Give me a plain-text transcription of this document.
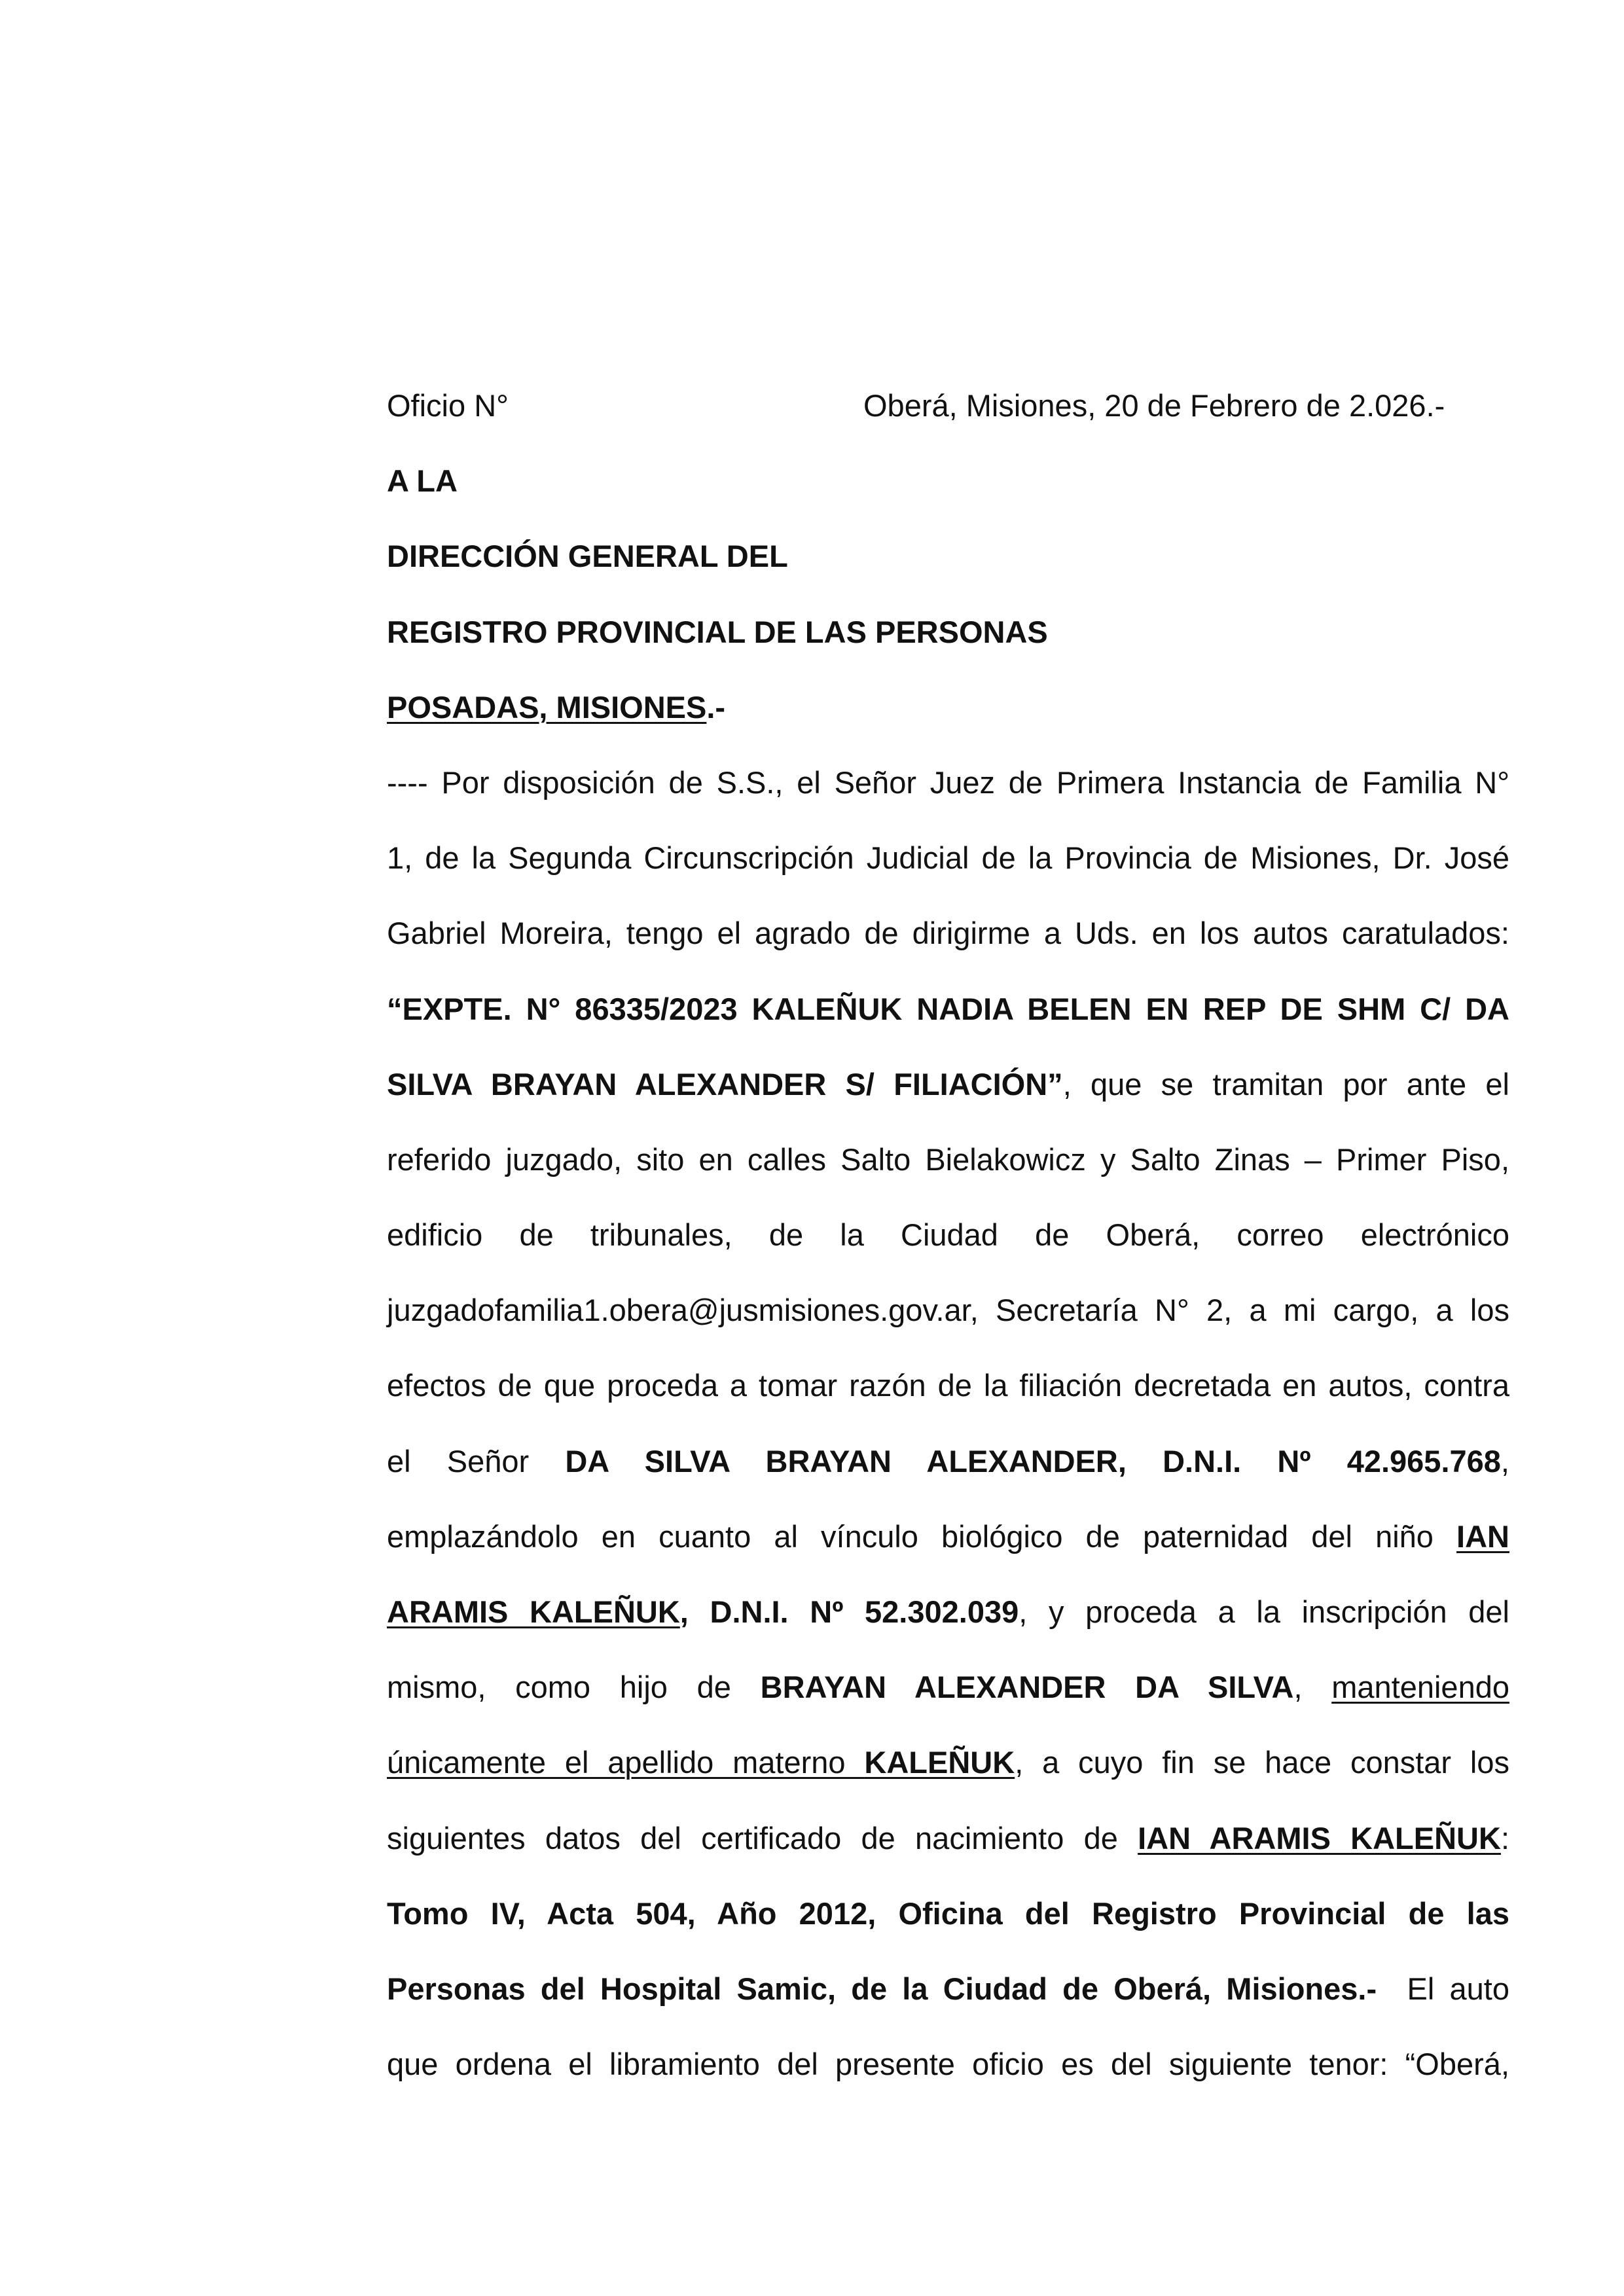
Oficio N°	Oberá, Misiones, 20 de Febrero de 2.026.-
A LA
DIRECCIÓN GENERAL DEL
REGISTRO PROVINCIAL DE LAS PERSONAS
POSADAS, MISIONES.-
---- Por disposición de S.S., el Señor Juez de Primera Instancia de Familia N°
1, de la Segunda Circunscripción Judicial de la Provincia de Misiones, Dr. José
Gabriel Moreira, tengo el agrado de dirigirme a Uds. en los autos caratulados:
“EXPTE. N° 86335/2023 KALEÑUK NADIA BELEN EN REP DE SHM C/ DA
SILVA BRAYAN ALEXANDER S/ FILIACIÓN”, que se tramitan por ante el
referido juzgado, sito en calles Salto Bielakowicz y Salto Zinas – Primer Piso,
edificio de tribunales, de la Ciudad de Oberá, correo electrónico
juzgadofamilia1.obera@jusmisiones.gov.ar, Secretaría N° 2, a mi cargo, a los
efectos de que proceda a tomar razón de la filiación decretada en autos, contra
el Señor DA SILVA BRAYAN ALEXANDER, D.N.I. Nº 42.965.768,
emplazándolo en cuanto al vínculo biológico de paternidad del niño IAN
ARAMIS KALEÑUK, D.N.I. Nº 52.302.039, y proceda a la inscripción del
mismo, como hijo de BRAYAN ALEXANDER DA SILVA, manteniendo
únicamente el apellido materno KALEÑUK, a cuyo fin se hace constar los
siguientes datos del certificado de nacimiento de IAN ARAMIS KALEÑUK:
Tomo IV, Acta 504, Año 2012, Oficina del Registro Provincial de las
Personas del Hospital Samic, de la Ciudad de Oberá, Misiones.-  El auto
que ordena el libramiento del presente oficio es del siguiente tenor: “Oberá,
